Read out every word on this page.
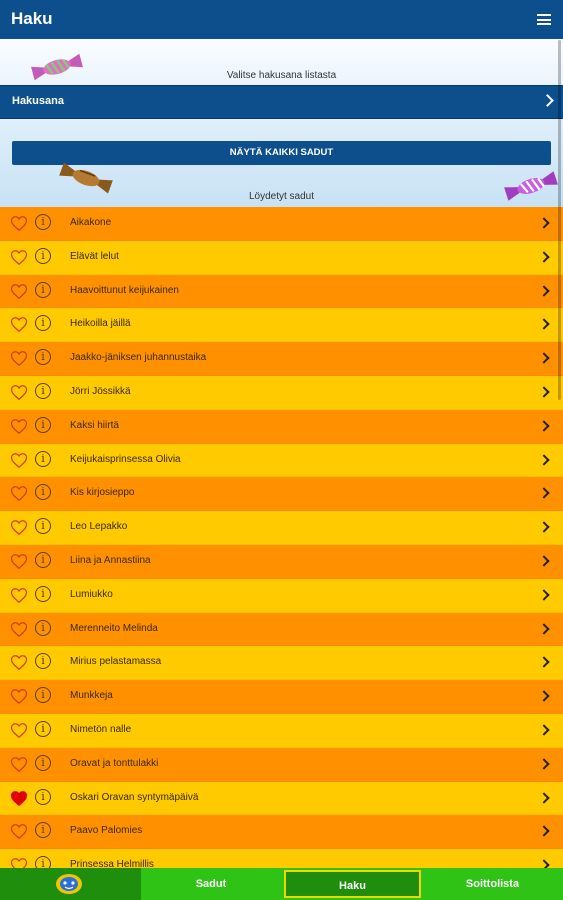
Haku
Valitse hakusana listasta
Hakusana
NÄYTÄ KAIKKI SADUT
Löydetyt sadut
i	Aikakone
i	Elävät lelut
i	Haavoittunut keijukainen
i	Heikoilla jäillä
i	Jaakko-jäniksen juhannustaika
i	Jörri Jössikkä
i	Kaksi hiirtä
i	Keijukaisprinsessa Olivia
i	Kis kirjosieppo
i	Leo Lepakko
i	Liina ja Annastiina
i	Lumiukko
i	Merenneito Melinda
i	Mirius pelastamassa
i	Munkkeja
i	Nimetön nalle
i	Oravat ja tonttulakki
i	Oskari Oravan syntymäpäivä
i	Paavo Palomies
i	Prinsessa Helmillis
Sadut	Haku	Soittolista
